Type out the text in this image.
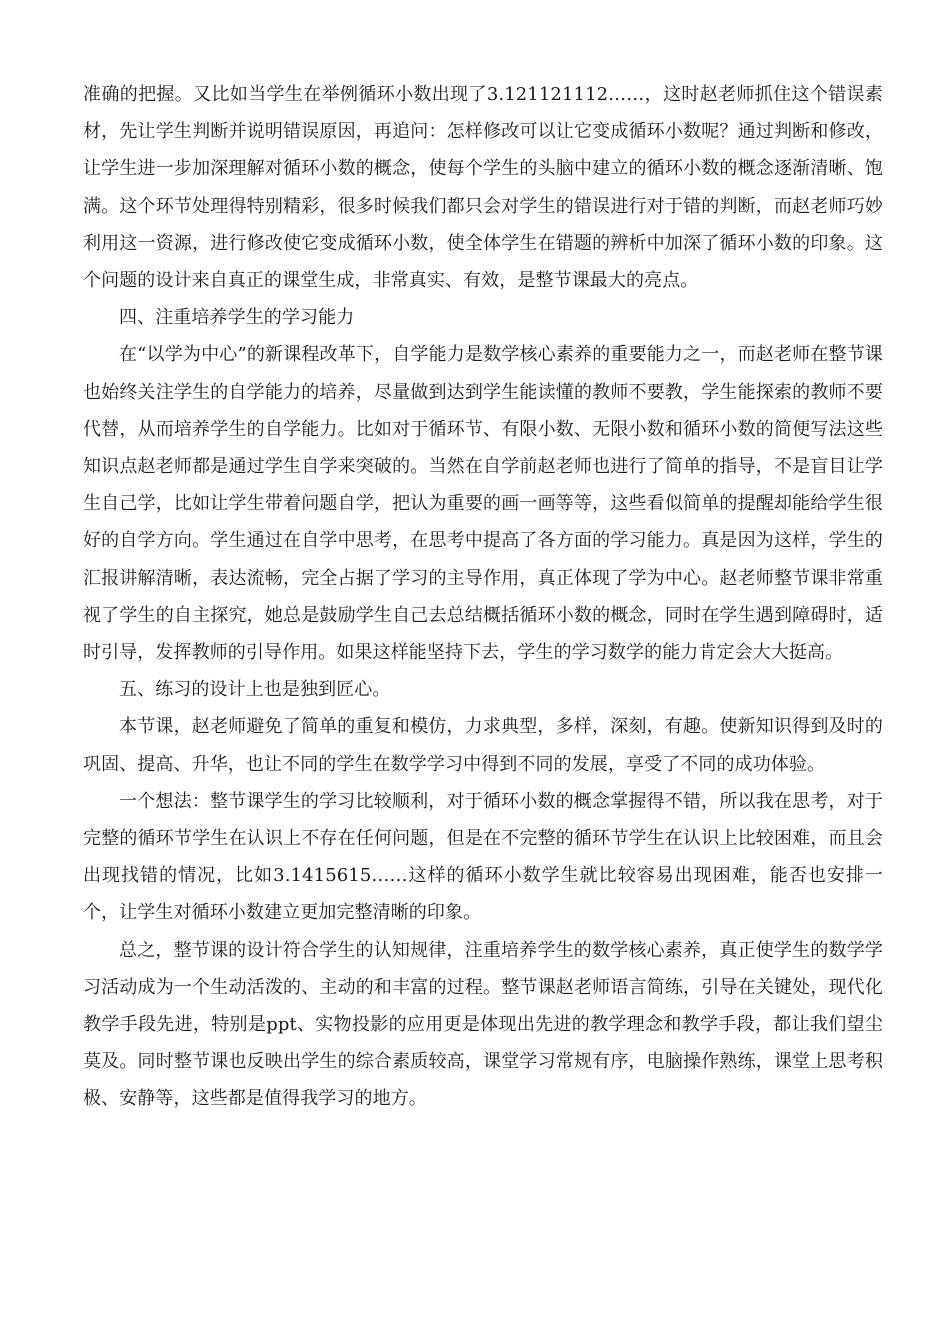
准确的把握。又比如当学生在举例循环小数出现了3.121121112……，这时赵老师抓住这个错误素材，先让学生判断并说明错误原因，再追问：怎样修改可以让它变成循环小数呢？通过判断和修改，让学生进一步加深理解对循环小数的概念，使每个学生的头脑中建立的循环小数的概念逐渐清晰、饱满。这个环节处理得特别精彩，很多时候我们都只会对学生的错误进行对于错的判断，而赵老师巧妙利用这一资源，进行修改使它变成循环小数，使全体学生在错题的辨析中加深了循环小数的印象。这个问题的设计来自真正的课堂生成，非常真实、有效，是整节课最大的亮点。

四、注重培养学生的学习能力

在“以学为中心”的新课程改革下，自学能力是数学核心素养的重要能力之一，而赵老师在整节课也始终关注学生的自学能力的培养，尽量做到达到学生能读懂的教师不要教，学生能探索的教师不要代替，从而培养学生的自学能力。比如对于循环节、有限小数、无限小数和循环小数的简便写法这些知识点赵老师都是通过学生自学来突破的。当然在自学前赵老师也进行了简单的指导，不是盲目让学生自己学，比如让学生带着问题自学，把认为重要的画一画等等，这些看似简单的提醒却能给学生很好的自学方向。学生通过在自学中思考，在思考中提高了各方面的学习能力。真是因为这样，学生的汇报讲解清晰，表达流畅，完全占据了学习的主导作用，真正体现了学为中心。赵老师整节课非常重视了学生的自主探究，她总是鼓励学生自己去总结概括循环小数的概念，同时在学生遇到障碍时，适时引导，发挥教师的引导作用。如果这样能坚持下去，学生的学习数学的能力肯定会大大挺高。

五、练习的设计上也是独到匠心。

本节课，赵老师避免了简单的重复和模仿，力求典型，多样，深刻，有趣。使新知识得到及时的巩固、提高、升华，也让不同的学生在数学学习中得到不同的发展，享受了不同的成功体验。

一个想法：整节课学生的学习比较顺利，对于循环小数的概念掌握得不错，所以我在思考，对于完整的循环节学生在认识上不存在任何问题，但是在不完整的循环节学生在认识上比较困难，而且会出现找错的情况，比如3.1415615……这样的循环小数学生就比较容易出现困难，能否也安排一个，让学生对循环小数建立更加完整清晰的印象。

总之，整节课的设计符合学生的认知规律，注重培养学生的数学核心素养，真正使学生的数学学习活动成为一个生动活泼的、主动的和丰富的过程。整节课赵老师语言简练，引导在关键处，现代化教学手段先进，特别是ppt、实物投影的应用更是体现出先进的教学理念和教学手段，都让我们望尘莫及。同时整节课也反映出学生的综合素质较高，课堂学习常规有序，电脑操作熟练，课堂上思考积极、安静等，这些都是值得我学习的地方。
